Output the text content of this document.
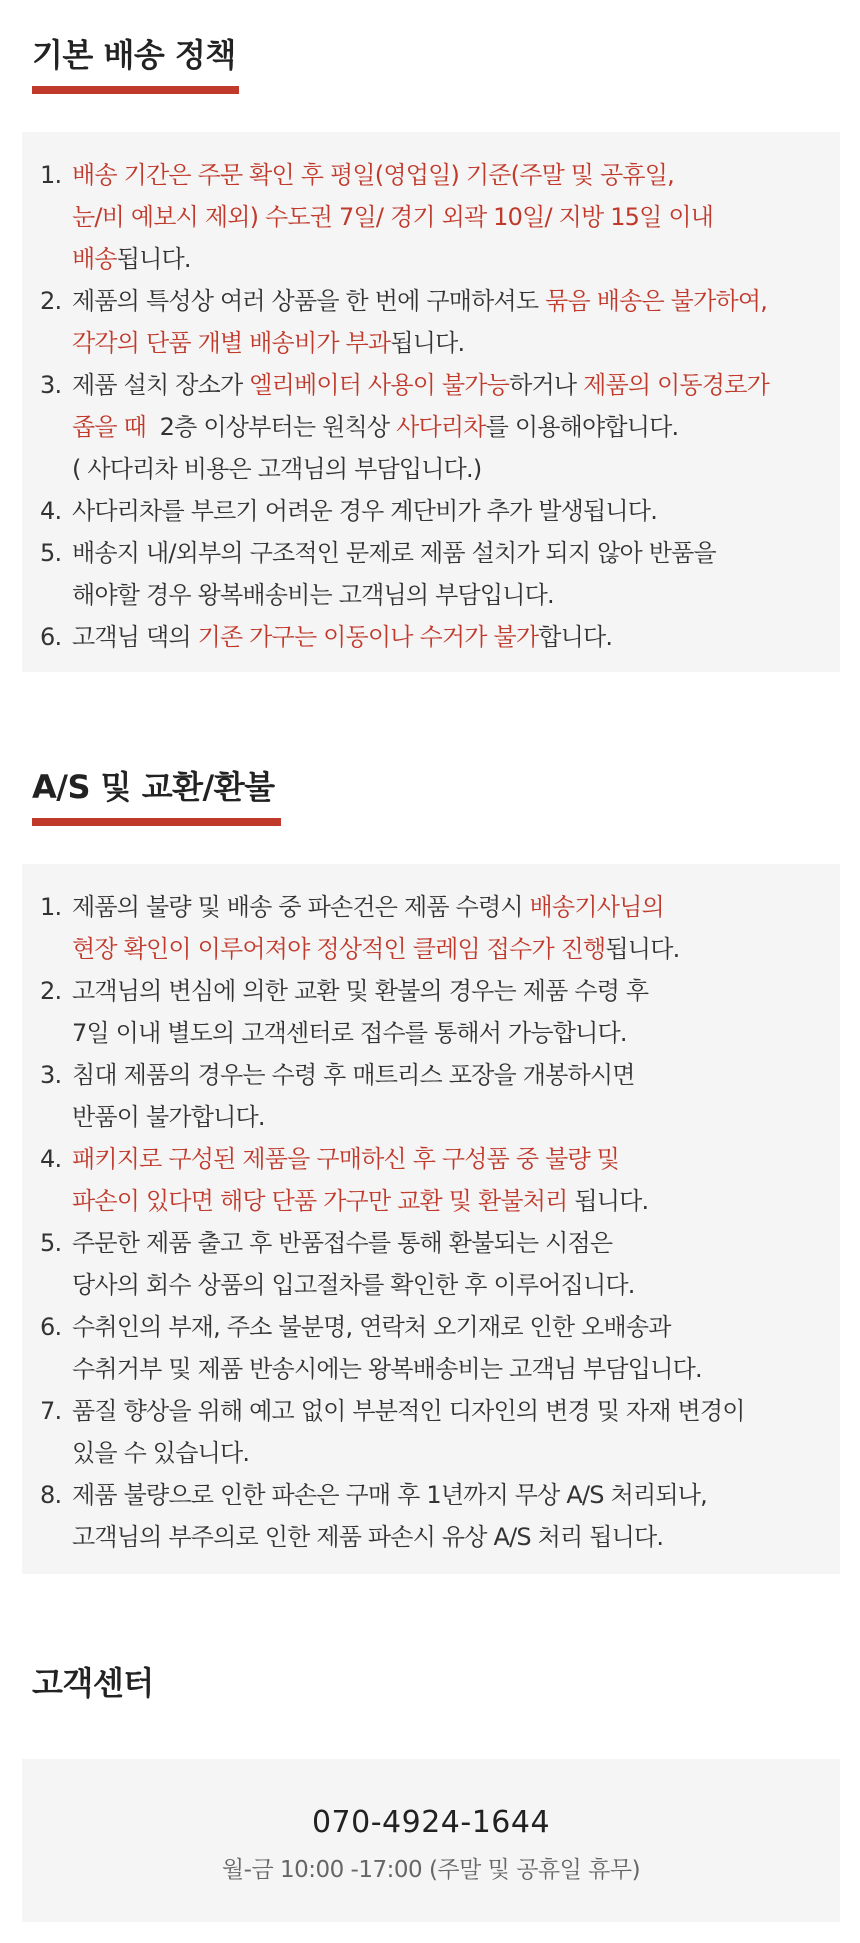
기본 배송 정책
1. 배송 기간은 주문 확인 후 평일(영업일) 기준(주말 및 공휴일,
눈/비 예보시 제외) 수도권 7일/ 경기 외곽 10일/ 지방 15일 이내
배송됩니다.
2. 제품의 특성상 여러 상품을 한 번에 구매하셔도 묶음 배송은 불가하여,
각각의 단품 개별 배송비가 부과됩니다.
3. 제품 설치 장소가 엘리베이터 사용이 불가능하거나 제품의 이동경로가
좁을 때  2층 이상부터는 원칙상 사다리차를 이용해야합니다.
( 사다리차 비용은 고객님의 부담입니다.)
4. 사다리차를 부르기 어려운 경우 계단비가 추가 발생됩니다.
5. 배송지 내/외부의 구조적인 문제로 제품 설치가 되지 않아 반품을
해야할 경우 왕복배송비는 고객님의 부담입니다.
6. 고객님 댁의 기존 가구는 이동이나 수거가 불가합니다.
A/S 및 교환/환불
1. 제품의 불량 및 배송 중 파손건은 제품 수령시 배송기사님의
현장 확인이 이루어져야 정상적인 클레임 접수가 진행됩니다.
2. 고객님의 변심에 의한 교환 및 환불의 경우는 제품 수령 후
7일 이내 별도의 고객센터로 접수를 통해서 가능합니다.
3. 침대 제품의 경우는 수령 후 매트리스 포장을 개봉하시면
반품이 불가합니다.
4. 패키지로 구성된 제품을 구매하신 후 구성품 중 불량 및
파손이 있다면 해당 단품 가구만 교환 및 환불처리 됩니다.
5. 주문한 제품 출고 후 반품접수를 통해 환불되는 시점은
당사의 회수 상품의 입고절차를 확인한 후 이루어집니다.
6. 수취인의 부재, 주소 불분명, 연락처 오기재로 인한 오배송과
수취거부 및 제품 반송시에는 왕복배송비는 고객님 부담입니다.
7. 품질 향상을 위해 예고 없이 부분적인 디자인의 변경 및 자재 변경이
있을 수 있습니다.
8. 제품 불량으로 인한 파손은 구매 후 1년까지 무상 A/S 처리되나,
고객님의 부주의로 인한 제품 파손시 유상 A/S 처리 됩니다.
고객센터
070-4924-1644
월-금 10:00 -17:00 (주말 및 공휴일 휴무)
